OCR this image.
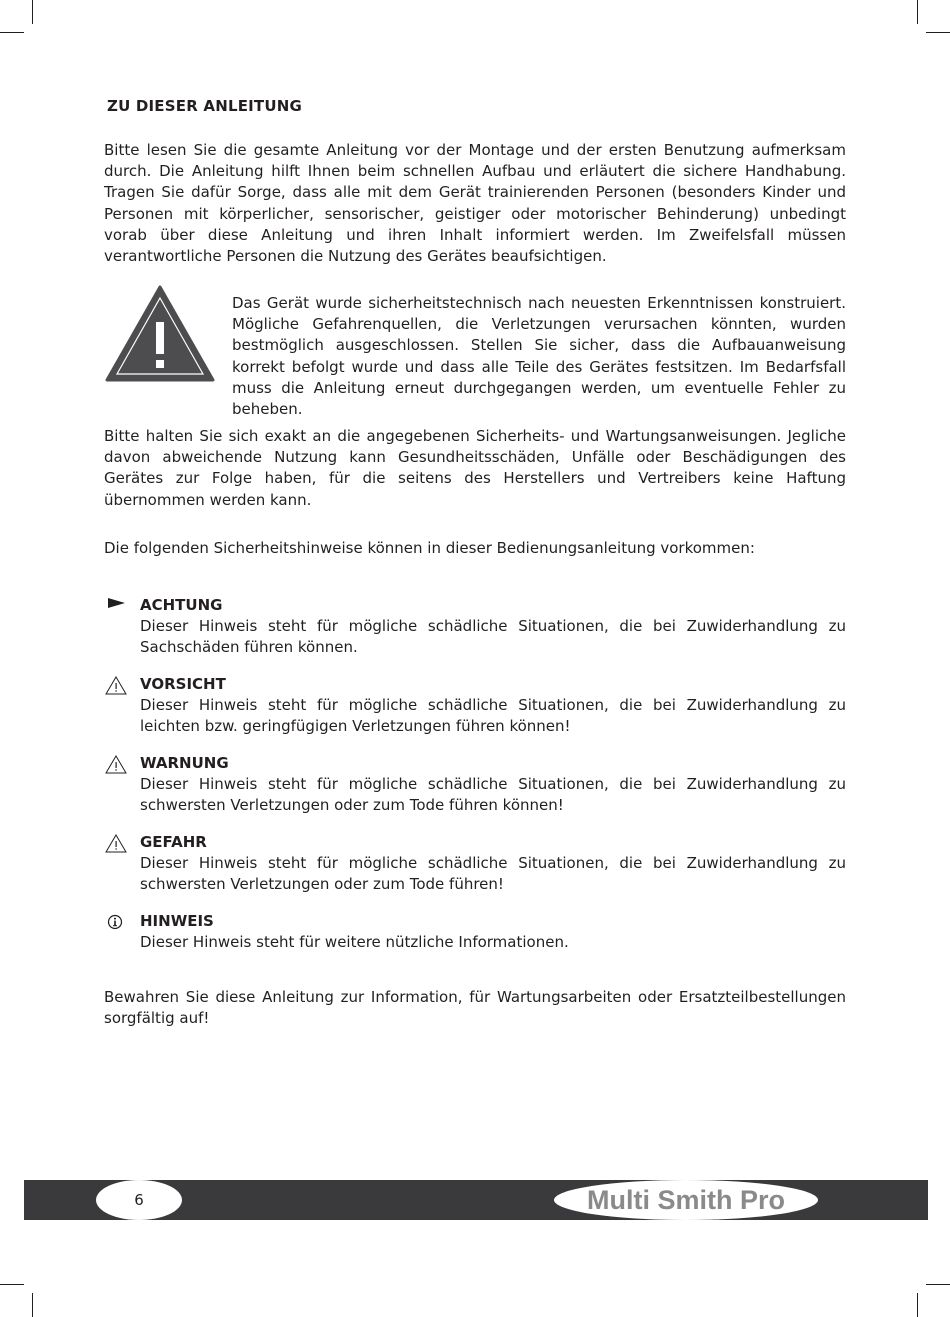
ZU DIESER ANLEITUNG

Bitte lesen Sie die gesamte Anleitung vor der Montage und der ersten Benutzung aufmerksam durch. Die Anleitung hilft Ihnen beim schnellen Aufbau und erläutert die sichere Handhabung. Tragen Sie dafür Sorge, dass alle mit dem Gerät trainierenden Personen (besonders Kinder und Personen mit körperlicher, sensorischer, geistiger oder motorischer Behinderung) unbedingt vorab über diese Anleitung und ihren Inhalt informiert werden. Im Zweifelsfall müssen verantwortliche Personen die Nutzung des Gerätes beaufsichtigen.

Das Gerät wurde sicherheitstechnisch nach neuesten Erkenntnissen konstruiert. Mögliche Gefahrenquellen, die Verletzungen verursachen könnten, wurden bestmöglich ausgeschlossen. Stellen Sie sicher, dass die Aufbauanweisung korrekt befolgt wurde und dass alle Teile des Gerätes festsitzen. Im Bedarfsfall muss die Anleitung erneut durchgegangen werden, um eventuelle Fehler zu beheben.

Bitte halten Sie sich exakt an die angegebenen Sicherheits- und Wartungsanweisungen. Jegliche davon abweichende Nutzung kann Gesundheitsschäden, Unfälle oder Beschädigungen des Gerätes zur Folge haben, für die seitens des Herstellers und Vertreibers keine Haftung übernommen werden kann.

Die folgenden Sicherheitshinweise können in dieser Bedienungsanleitung vorkommen:

ACHTUNG

Dieser Hinweis steht für mögliche schädliche Situationen, die bei Zuwiderhandlung zu Sachschäden führen können.

VORSICHT

Dieser Hinweis steht für mögliche schädliche Situationen, die bei Zuwiderhandlung zu leichten bzw. geringfügigen Verletzungen führen können!

WARNUNG

Dieser Hinweis steht für mögliche schädliche Situationen, die bei Zuwiderhandlung zu schwersten Verletzungen oder zum Tode führen können!

GEFAHR

Dieser Hinweis steht für mögliche schädliche Situationen, die bei Zuwiderhandlung zu schwersten Verletzungen oder zum Tode führen!

HINWEIS

Dieser Hinweis steht für weitere nützliche Informationen.

Bewahren Sie diese Anleitung zur Information, für Wartungsarbeiten oder Ersatzteilbestellungen sorgfältig auf!

6	Multi Smith Pro
